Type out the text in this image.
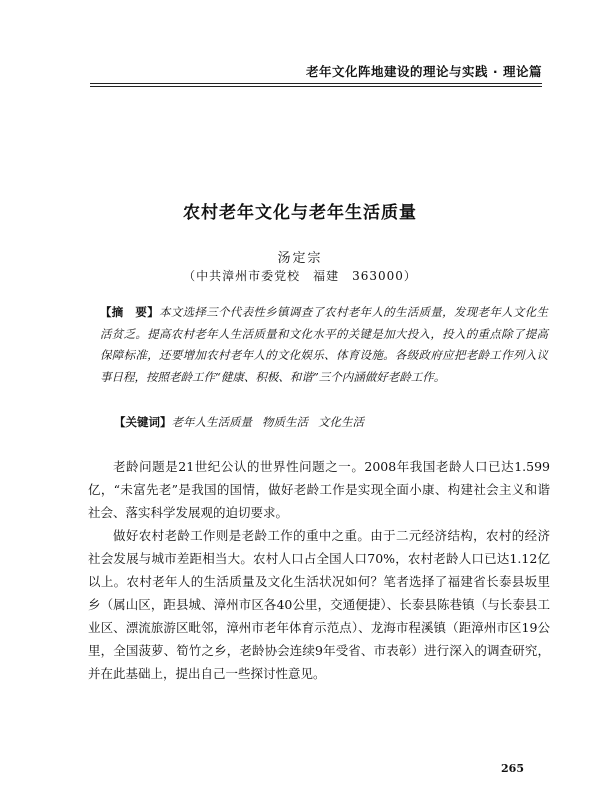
老年文化阵地建设的理论与实践 · 理论篇
农村老年文化与老年生活质量
汤定宗
（中共漳州市委党校　福建　363000）
【摘　要】本文选择三个代表性乡镇调查了农村老年人的生活质量，发现老年人文化生活贫乏。提高农村老年人生活质量和文化水平的关键是加大投入，投入的重点除了提高保障标准，还要增加农村老年人的文化娱乐、体育设施。各级政府应把老龄工作列入议事日程，按照老龄工作“健康、积极、和谐”三个内涵做好老龄工作。
【关键词】老年人生活质量 物质生活 文化生活
老龄问题是21世纪公认的世界性问题之一。2008年我国老龄人口已达1.599亿，“未富先老”是我国的国情，做好老龄工作是实现全面小康、构建社会主义和谐社会、落实科学发展观的迫切要求。
做好农村老龄工作则是老龄工作的重中之重。由于二元经济结构，农村的经济社会发展与城市差距相当大。农村人口占全国人口70%，农村老龄人口已达1.12亿以上。农村老年人的生活质量及文化生活状况如何？笔者选择了福建省长泰县坂里乡（属山区，距县城、漳州市区各40公里，交通便捷）、长泰县陈巷镇（与长泰县工业区、漂流旅游区毗邻，漳州市老年体育示范点）、龙海市程溪镇（距漳州市区19公里，全国菠萝、筍竹之乡，老龄协会连续9年受省、市表彰）进行深入的调查研究，并在此基础上，提出自己一些探讨性意见。
265
